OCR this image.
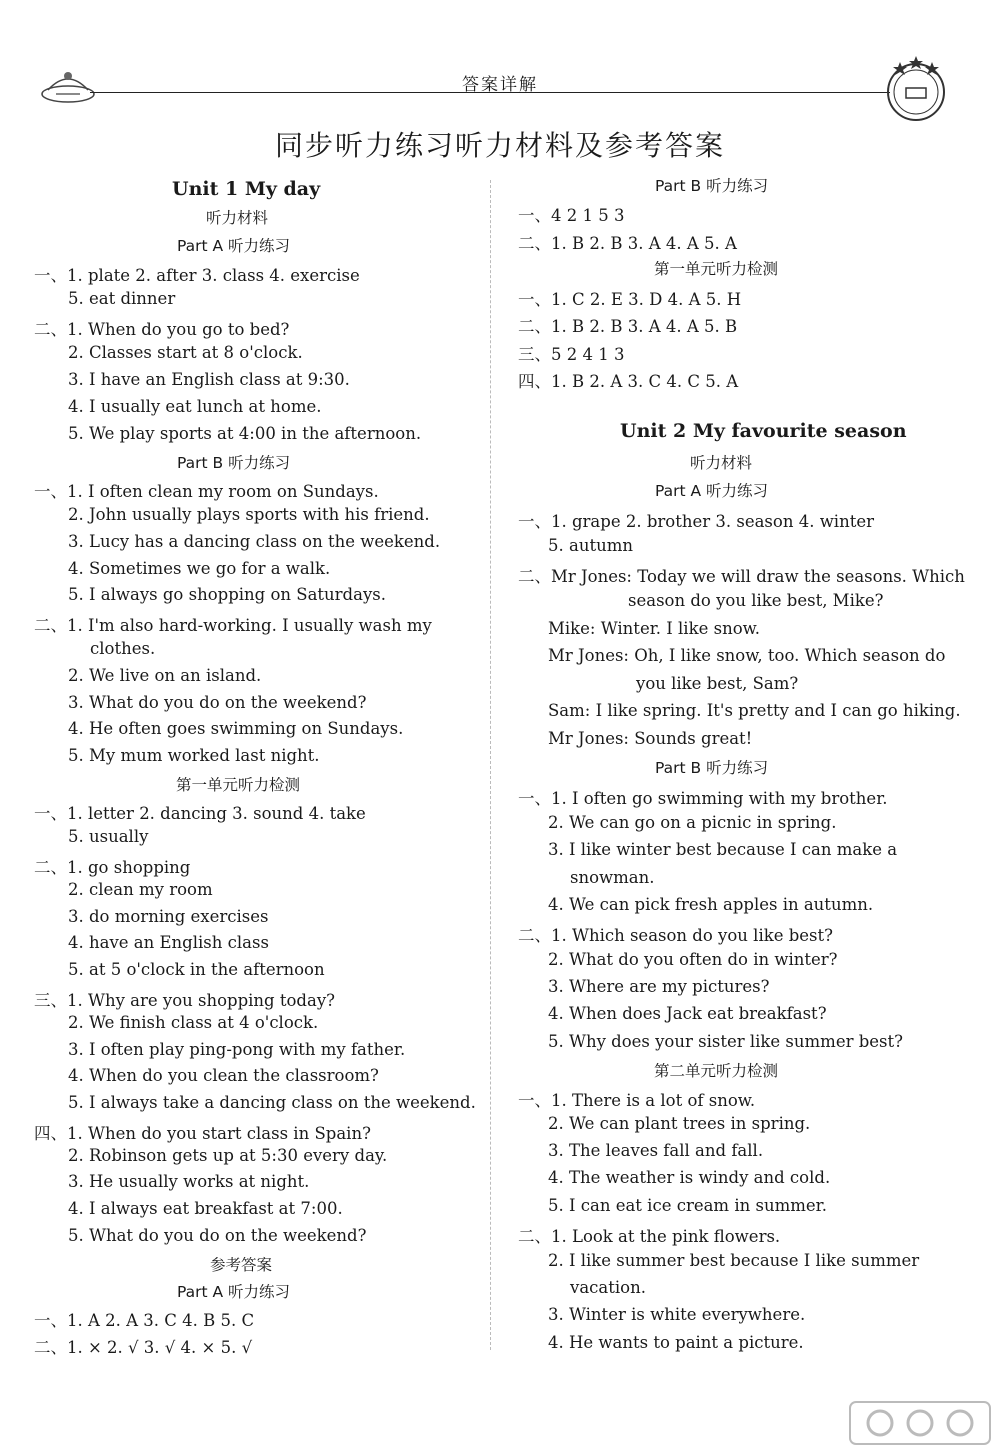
答案详解
同步听力练习听力材料及参考答案
Unit 1 My day
听力材料
Part A 听力练习
一、1. plate 2. after 3. class 4. exercise
5. eat dinner
二、1. When do you go to bed?
2. Classes start at 8 o'clock.
3. I have an English class at 9:30.
4. I usually eat lunch at home.
5. We play sports at 4:00 in the afternoon.
Part B 听力练习
一、1. I often clean my room on Sundays.
2. John usually plays sports with his friend.
3. Lucy has a dancing class on the weekend.
4. Sometimes we go for a walk.
5. I always go shopping on Saturdays.
二、1. I'm also hard-working. I usually wash my
clothes.
2. We live on an island.
3. What do you do on the weekend?
4. He often goes swimming on Sundays.
5. My mum worked last night.
第一单元听力检测
一、1. letter 2. dancing 3. sound 4. take
5. usually
二、1. go shopping
2. clean my room
3. do morning exercises
4. have an English class
5. at 5 o'clock in the afternoon
三、1. Why are you shopping today?
2. We finish class at 4 o'clock.
3. I often play ping-pong with my father.
4. When do you clean the classroom?
5. I always take a dancing class on the weekend.
四、1. When do you start class in Spain?
2. Robinson gets up at 5:30 every day.
3. He usually works at night.
4. I always eat breakfast at 7:00.
5. What do you do on the weekend?
参考答案
Part A 听力练习
一、1. A 2. A 3. C 4. B 5. C
二、1. × 2. √ 3. √ 4. × 5. √
Part B 听力练习
一、4 2 1 5 3
二、1. B 2. B 3. A 4. A 5. A
第一单元听力检测
一、1. C 2. E 3. D 4. A 5. H
二、1. B 2. B 3. A 4. A 5. B
三、5 2 4 1 3
四、1. B 2. A 3. C 4. C 5. A
Unit 2 My favourite season
听力材料
Part A 听力练习
一、1. grape 2. brother 3. season 4. winter
5. autumn
二、Mr Jones: Today we will draw the seasons. Which
season do you like best, Mike?
Mike: Winter. I like snow.
Mr Jones: Oh, I like snow, too. Which season do
you like best, Sam?
Sam: I like spring. It's pretty and I can go hiking.
Mr Jones: Sounds great!
Part B 听力练习
一、1. I often go swimming with my brother.
2. We can go on a picnic in spring.
3. I like winter best because I can make a
snowman.
4. We can pick fresh apples in autumn.
二、1. Which season do you like best?
2. What do you often do in winter?
3. Where are my pictures?
4. When does Jack eat breakfast?
5. Why does your sister like summer best?
第二单元听力检测
一、1. There is a lot of snow.
2. We can plant trees in spring.
3. The leaves fall and fall.
4. The weather is windy and cold.
5. I can eat ice cream in summer.
二、1. Look at the pink flowers.
2. I like summer best because I like summer
vacation.
3. Winter is white everywhere.
4. He wants to paint a picture.
